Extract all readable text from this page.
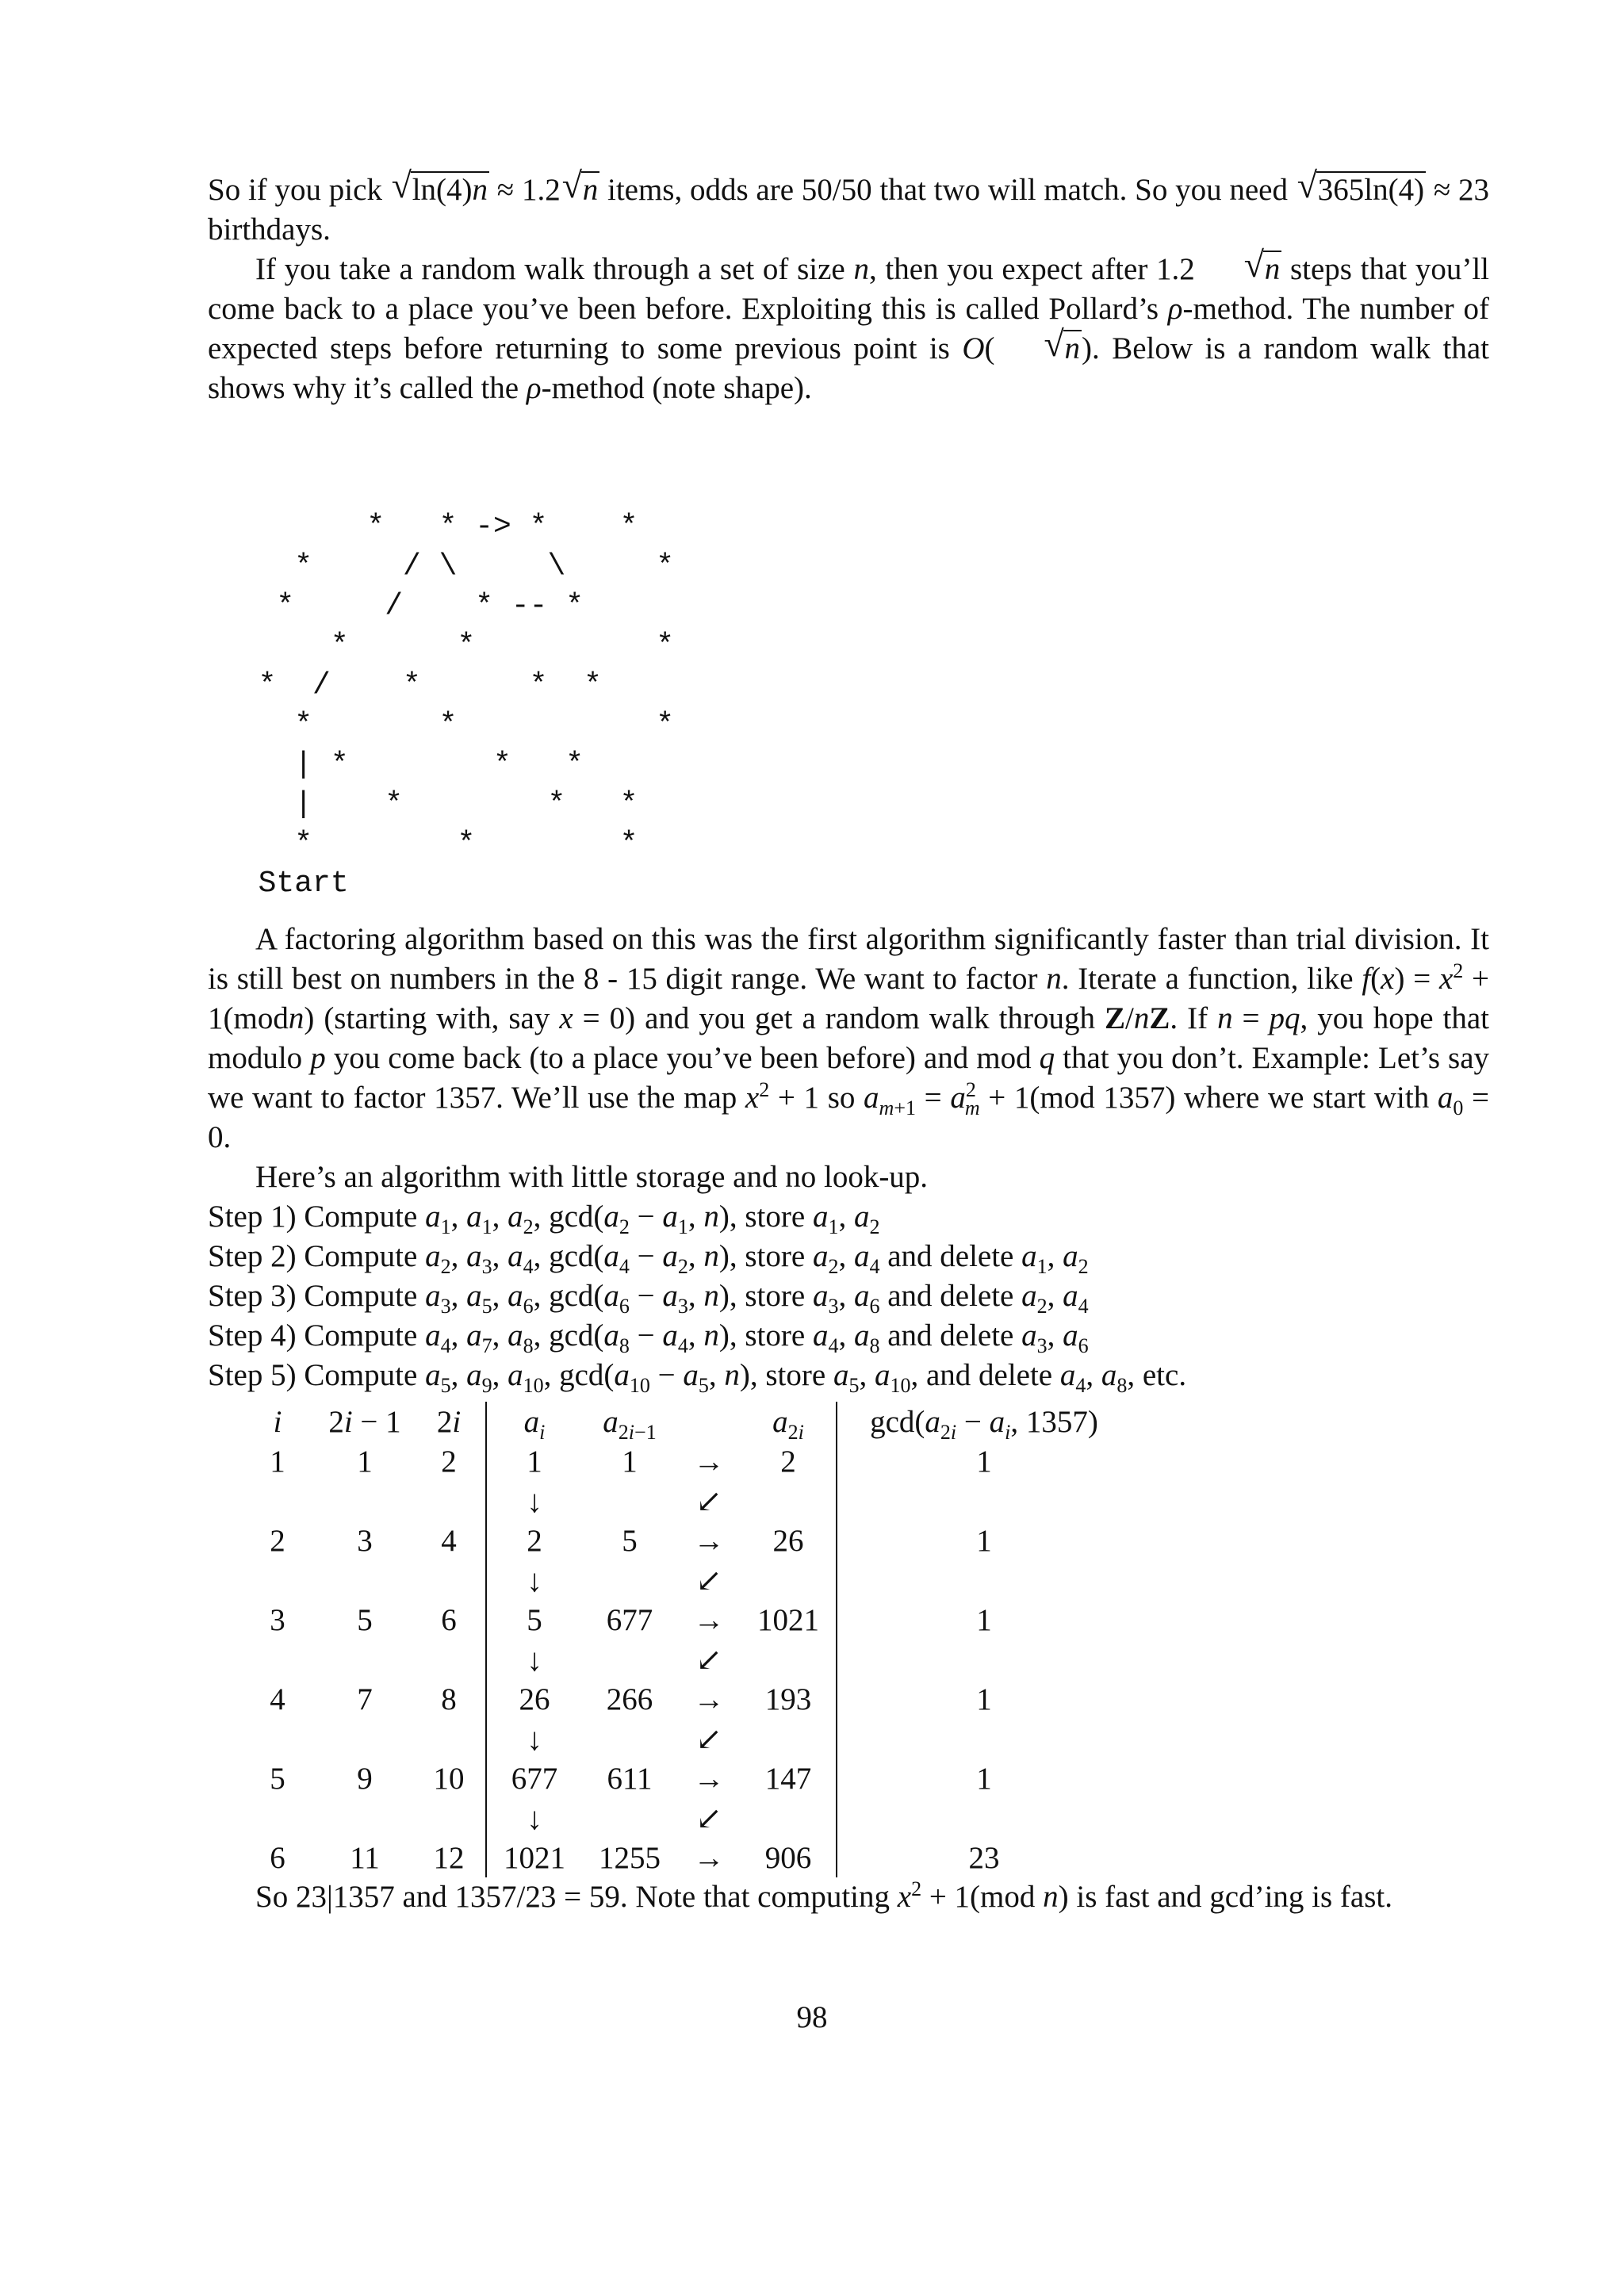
So if you pick √ ln(4)n ≈ 1.2 √ n items, odds are 50/50 that two will match. So you need √ 365ln(4) ≈ 23 birthdays.

If you take a random walk through a set of size n, then you expect after 1.2	√ n steps that you’ll come back to a place you’ve been before. Exploiting this is called Pollard’s ρ-method. The number of expected steps before returning to some previous point is O(	√ n). Below is a random walk that shows why it’s called the ρ-method (note shape).

*   * -> *    *
*     / \     \     *
*     /    * -- *
*      *          *
*  /    *      *  *
*       *           *
| *        *   *
|    *        *   *
*        *        *
Start

A factoring algorithm based on this was the first algorithm significantly faster than trial division. It is still best on numbers in the 8 - 15 digit range. We want to factor n. Iterate a function, like $f(x) = x^2$ + 1(modn) (starting with, say x = 0) and you get a random walk through Z/nZ. If n = pq, you hope that modulo p you come back (to a place you’ve been before) and mod q that you don’t. Example: Let’s say we want to factor 1357. We’ll use the map $x^2 + 1$ so $a_{m+1} = a^2_m + 1(mod$ 1357) where we start with $a_0 = 0$.

Here’s an algorithm with little storage and no look-up.

Step 1) Compute $a_1$, $a_1$, $a_2$, $\gcd(a_2 - a_1$, n), store $a_1$, $a_2$

Step 2) Compute $a_2$, $a_3$, $a_4$, $\gcd(a_4 - a_2$, n), store $a_2$, $a_4$ and delete $a_1$, $a_2$

Step 3) Compute $a_3$, $a_5$, $a_6$, $\gcd(a_6 - a_3$, n), store $a_3$, $a_6$ and delete $a_2$, $a_4$

Step 4) Compute $a_4$, $a_7$, $a_8$, $\gcd(a_8 - a_4$, n), store $a_4$, $a_8$ and delete $a_3$, $a_6$

Step 5) Compute $a_5$, $a_9$, $a_{10}$, $\gcd(a_{10} - a_5$, n), store $a_5$, $a_{10}$, and delete $a_4$, $a_8$, etc.

i	2i − 1	2i	$a_i$	$a_{2i-1}$		$a_{2i}$	$\gcd(a_{2i} - a_i$, 1357)
1	1	2	1	1	→	2	1
			↓		↙		
2	3	4	2	5	→	26	1
			↓		↙		
3	5	6	5	677	→	1021	1
			↓		↙		
4	7	8	26	266	→	193	1
			↓		↙		
5	9	10	677	611	→	147	1
			↓		↙		
6	11	12	1021	1255	→	906	23

So 23|1357 and 1357/23 = 59. Note that computing $x^2 + 1(mod$ n) is fast and gcd’ing is fast.

98
